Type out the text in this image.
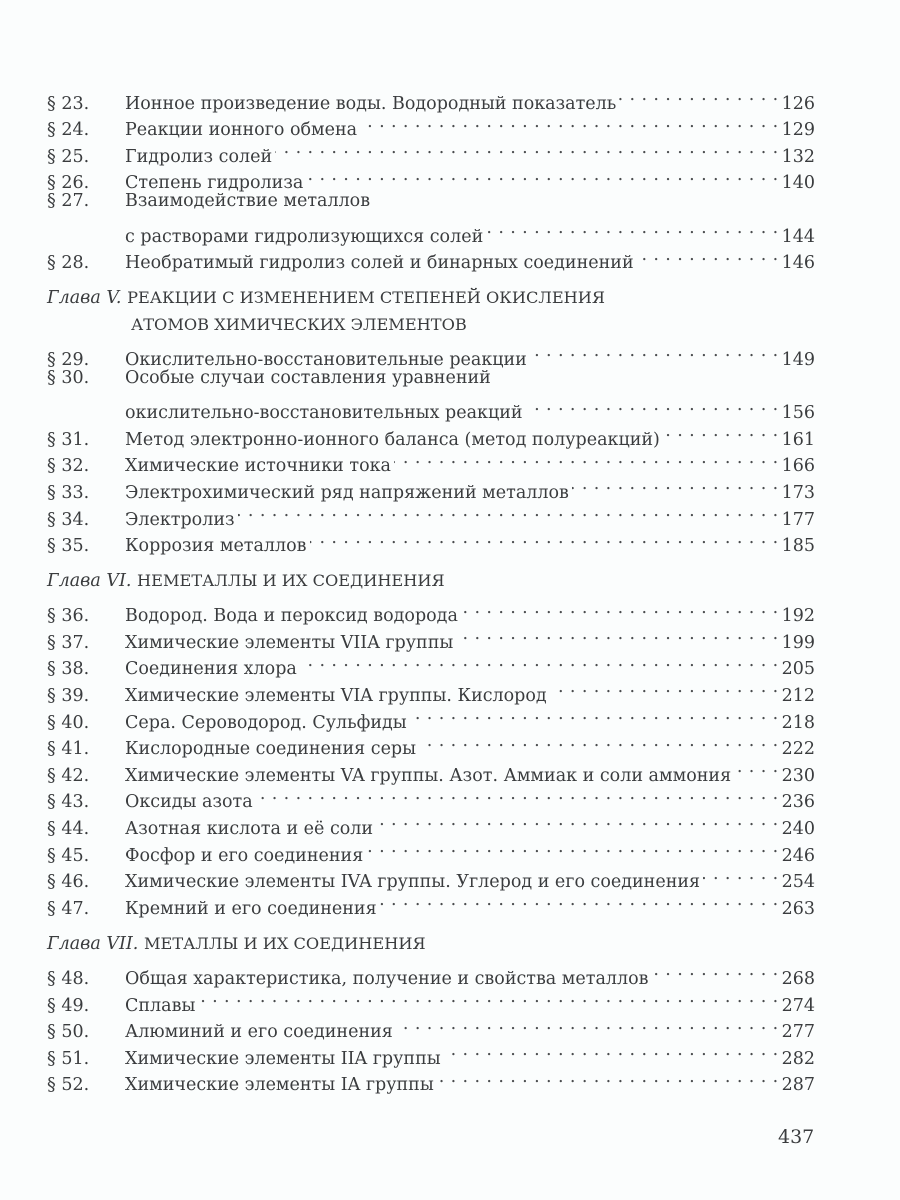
§ 23.	Ионное произведение воды. Водородный показатель . . .	126
§ 24.	Реакции ионного обмена . . .	129
§ 25.	Гидролиз солей . . .	132
§ 26.	Степень гидролиза . . .	140
§ 27.	Взаимодействие металлов
с растворами гидролизующихся солей . . .	144
§ 28.	Необратимый гидролиз солей и бинарных соединений . . .	146
Глава V. РЕАКЦИИ С ИЗМЕНЕНИЕМ СТЕПЕНЕЙ ОКИСЛЕНИЯ
АТОМОВ ХИМИЧЕСКИХ ЭЛЕМЕНТОВ
§ 29.	Окислительно-восстановительные реакции . . .	149
§ 30.	Особые случаи составления уравнений
окислительно-восстановительных реакций . . .	156
§ 31.	Метод электронно-ионного баланса (метод полуреакций) . . .	161
§ 32.	Химические источники тока . . .	166
§ 33.	Электрохимический ряд напряжений металлов . . .	173
§ 34.	Электролиз . . .	177
§ 35.	Коррозия металлов . . .	185
Глава VI. НЕМЕТАЛЛЫ И ИХ СОЕДИНЕНИЯ
§ 36.	Водород. Вода и пероксид водорода . . .	192
§ 37.	Химические элементы VIIA группы . . .	199
§ 38.	Соединения хлора . . .	205
§ 39.	Химические элементы VIA группы. Кислород . . .	212
§ 40.	Сера. Сероводород. Сульфиды . . .	218
§ 41.	Кислородные соединения серы . . .	222
§ 42.	Химические элементы VA группы. Азот. Аммиак и соли аммония . . .	230
§ 43.	Оксиды азота . . .	236
§ 44.	Азотная кислота и её соли . . .	240
§ 45.	Фосфор и его соединения . . .	246
§ 46.	Химические элементы IVA группы. Углерод и его соединения . . .	254
§ 47.	Кремний и его соединения . . .	263
Глава VII. МЕТАЛЛЫ И ИХ СОЕДИНЕНИЯ
§ 48.	Общая характеристика, получение и свойства металлов . . .	268
§ 49.	Сплавы . . .	274
§ 50.	Алюминий и его соединения . . .	277
§ 51.	Химические элементы IIA группы . . .	282
§ 52.	Химические элементы IA группы . . .	287
437
